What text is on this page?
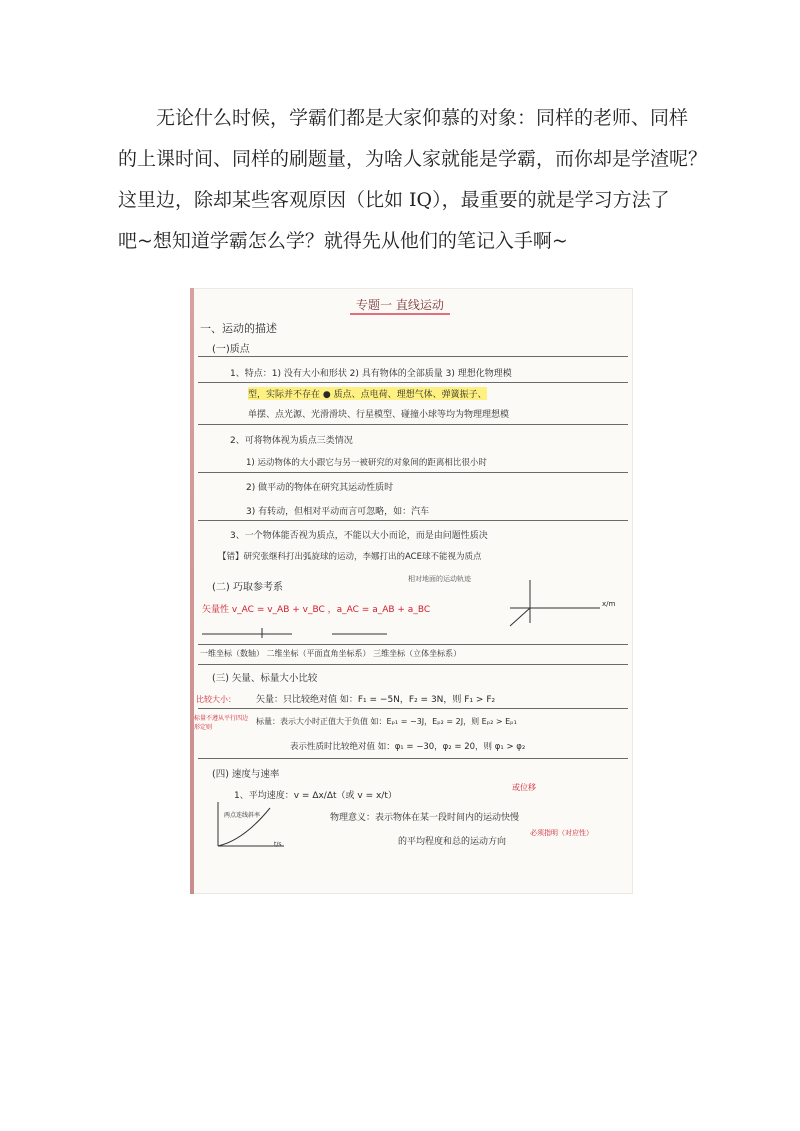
无论什么时候，学霸们都是大家仰慕的对象：同样的老师、同样
的上课时间、同样的刷题量，为啥人家就能是学霸，而你却是学渣呢？
这里边，除却某些客观原因（比如 IQ），最重要的就是学习方法了
吧~想知道学霸怎么学？就得先从他们的笔记入手啊~

专题一 直线运动
一、运动的描述
(一)质点
1、特点：1) 没有大小和形状 2) 具有物体的全部质量 3) 理想化物理模
型，实际并不存在 ● 质点、点电荷、理想气体、弹簧振子、
单摆、点光源、光滑滑块、行星模型、碰撞小球等均为物理理想模
2、可将物体视为质点三类情况
1) 运动物体的大小跟它与另一被研究的对象间的距离相比很小时
2) 做平动的物体在研究其运动性质时
3) 有转动，但相对平动而言可忽略，如：汽车
3、一个物体能否视为质点，不能以大小而论，而是由问题性质决
【错】研究张继科打出弧旋球的运动，李娜打出的ACE球不能视为质点
相对地面的运动轨迹
(二) 巧取参考系
矢量性 v_AC = v_AB + v_BC ，a_AC = a_AB + a_BC
x/m
一维坐标（数轴） 二维坐标（平面直角坐标系） 三维坐标（立体坐标系）
(三) 矢量、标量大小比较
比较大小： 矢量：只比较绝对值 如：F₁ = −5N，F₂ = 3N，则 F₁ > F₂
标量：表示大小时正值大于负值 如：Eₚ₁ = −3J，Eₚ₂ = 2J，则 Eₚ₂ > Eₚ₁
标量不遵从平行四边形定则
表示性质时比较绝对值 如：φ₁ = −30，φ₂ = 20，则 φ₁ > φ₂
(四) 速度与速率
1、平均速度：v = Δx/Δt（或 v = x/t）
或位移
物理意义：表示物体在某一段时间内的运动快慢
必须指明（对应性）
的平均程度和总的运动方向
两点连线斜率
t/s
